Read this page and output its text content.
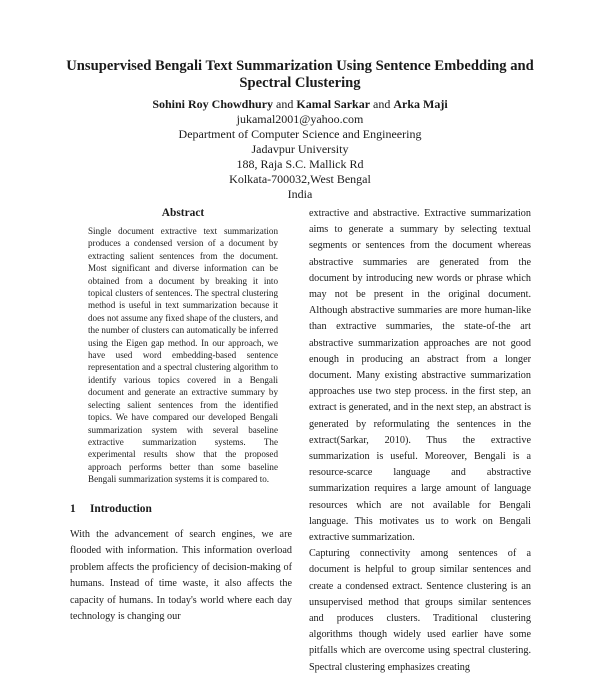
Unsupervised Bengali Text Summarization Using Sentence Embedding and Spectral Clustering
Sohini Roy Chowdhury and Kamal Sarkar and Arka Maji
jukamal2001@yahoo.com
Department of Computer Science and Engineering
Jadavpur University
188, Raja S.C. Mallick Rd
Kolkata-700032,West Bengal
India
Abstract
Single document extractive text summarization produces a condensed version of a document by extracting salient sentences from the document. Most significant and diverse information can be obtained from a document by breaking it into topical clusters of sentences. The spectral clustering method is useful in text summarization because it does not assume any fixed shape of the clusters, and the number of clusters can automatically be inferred using the Eigen gap method. In our approach, we have used word embedding-based sentence representation and a spectral clustering algorithm to identify various topics covered in a Bengali document and generate an extractive summary by selecting salient sentences from the identified topics. We have compared our developed Bengali summarization system with several baseline extractive summarization systems. The experimental results show that the proposed approach performs better than some baseline Bengali summarization systems it is compared to.
1 Introduction
With the advancement of search engines, we are flooded with information. This information overload problem affects the proficiency of decision-making of humans. Instead of time waste, it also affects the capacity of humans. In today's world where each day technology is changing our

extractive and abstractive. Extractive summarization aims to generate a summary by selecting textual segments or sentences from the document whereas abstractive summaries are generated from the document by introducing new words or phrase which may not be present in the original document. Although abstractive summaries are more human-like than extractive summaries, the state-of-the art abstractive summarization approaches are not good enough in producing an abstract from a longer document. Many existing abstractive summarization approaches use two step process. in the first step, an extract is generated, and in the next step, an abstract is generated by reformulating the sentences in the extract(Sarkar, 2010). Thus the extractive summarization is useful. Moreover, Bengali is a resource-scarce language and abstractive summarization requires a large amount of language resources which are not available for Bengali language. This motivates us to work on Bengali extractive summarization.

Capturing connectivity among sentences of a document is helpful to group similar sentences and create a condensed extract. Sentence clustering is an unsupervised method that groups similar sentences and produces clusters. Traditional clustering algorithms though widely used earlier have some pitfalls which are overcome using spectral clustering. Spectral clustering emphasizes creating
